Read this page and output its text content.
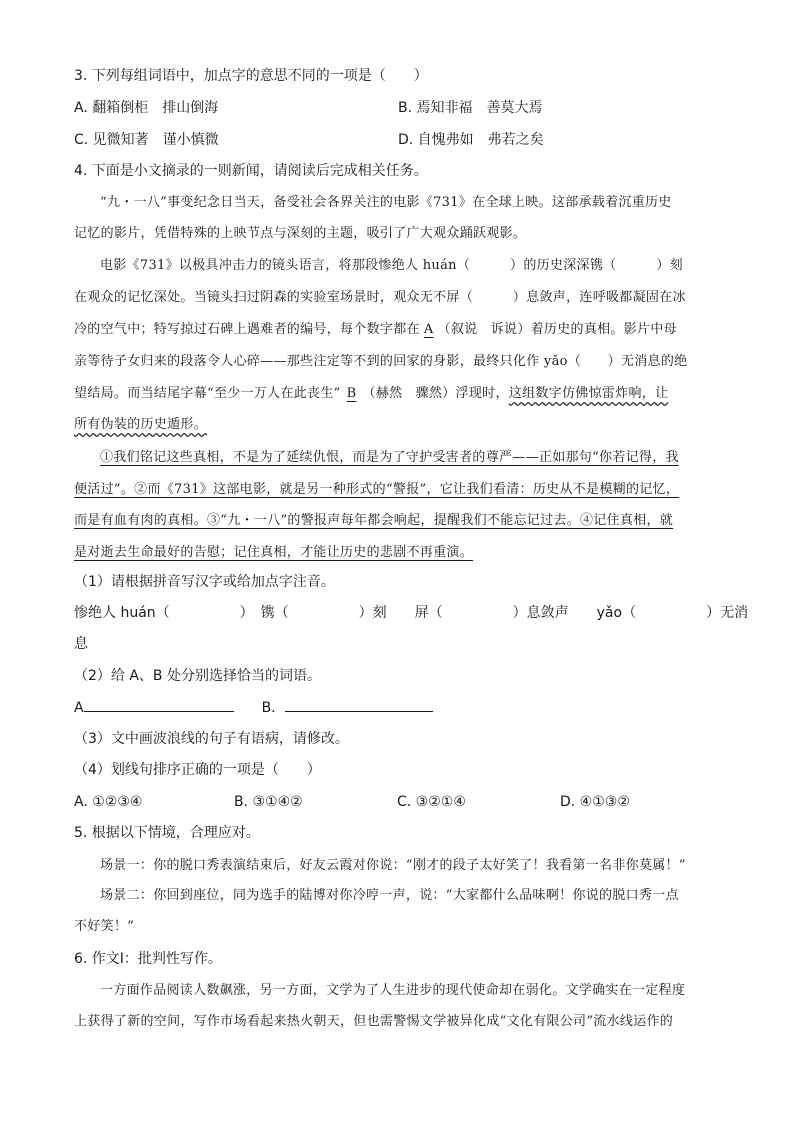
3. 下列每组词语中，加点字的意思不同的一项是（　　）
A. 翻箱倒柜　排山倒海	B. 焉知非福　善莫大焉
C. 见微知著　谨小慎微	D. 自愧弗如　弗若之矣
4. 下面是小文摘录的一则新闻，请阅读后完成相关任务。
“九・一八”事变纪念日当天，备受社会各界关注的电影《731》在全球上映。这部承载着沉重历史
记忆的影片，凭借特殊的上映节点与深刻的主题，吸引了广大观众踊跃观影。
电影《731》以极具冲击力的镜头语言，将那段惨绝人 huán（　　　）的历史深深镌（　　　）刻
在观众的记忆深处。当镜头扫过阴森的实验室场景时，观众无不屏（　　　）息敛声，连呼吸都凝固在冰
冷的空气中；特写掠过石碑上遇难者的编号，每个数字都在 A （叙说　诉说）着历史的真相。影片中母
亲等待子女归来的段落令人心碎——那些注定等不到的回家的身影，最终只化作 yǎo（　　）无消息的绝
望结局。而当结尾字幕“至少一万人在此丧生” B （赫然　骤然）浮现时，这组数字仿佛惊雷炸响，让
所有伪装的历史遁形。
①我们铭记这些真相，不是为了延续仇恨，而是为了守护受害者的尊严——正如那句“你若记得，我
便活过”。②而《731》这部电影，就是另一种形式的“警报”，它让我们看清：历史从不是模糊的记忆，
而是有血有肉的真相。③“九・一八”的警报声每年都会响起，提醒我们不能忘记过去。④记住真相，就
是对逝去生命最好的告慰；记住真相，才能让历史的悲剧不再重演。
（1）请根据拼音写汉字或给加点字注音。
惨绝人 huán（　　　　　）　镌（　　　　　）刻　　屏（　　　　　）息敛声　　yǎo（　　　　　）无消
息
（2）给 A、B 处分别选择恰当的词语。
A	B．
（3）文中画波浪线的句子有语病，请修改。
（4）划线句排序正确的一项是（　　）
A. ①②③④	B. ③①④②	C. ③②①④	D. ④①③②
5. 根据以下情境，合理应对。
场景一：你的脱口秀表演结束后，好友云霞对你说：“刚才的段子太好笑了！我看第一名非你莫属！”
场景二：你回到座位，同为选手的陆博对你冷哼一声，说：“大家都什么品味啊！你说的脱口秀一点
不好笑！”
6. 作文Ⅰ：批判性写作。
一方面作品阅读人数飙涨，另一方面，文学为了人生进步的现代使命却在弱化。文学确实在一定程度
上获得了新的空间，写作市场看起来热火朝天，但也需警惕文学被异化成“文化有限公司”流水线运作的
